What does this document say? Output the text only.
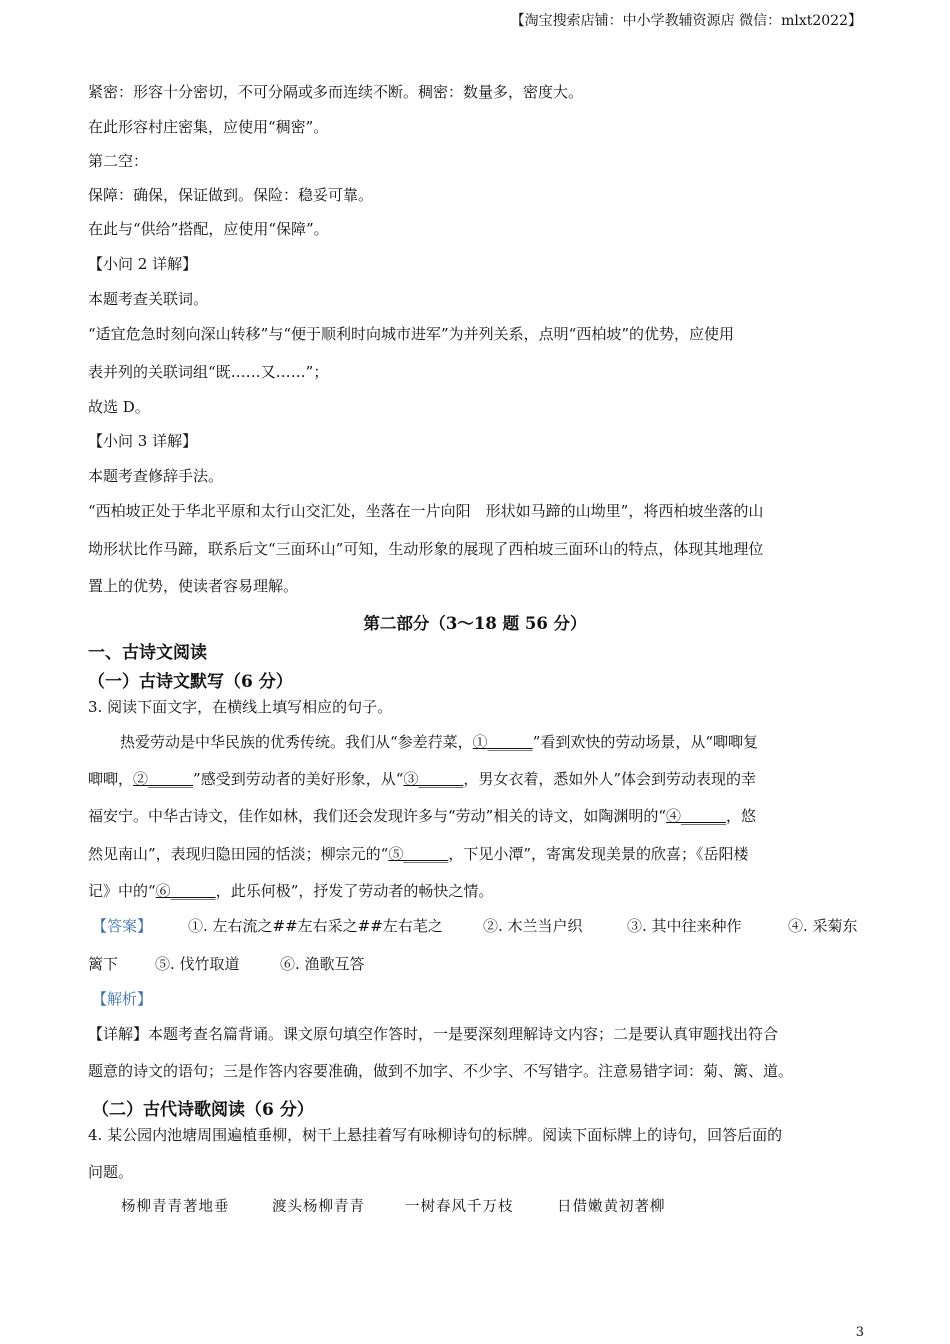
【淘宝搜索店铺：中小学教辅资源店 微信：mlxt2022】
紧密：形容十分密切，不可分隔或多而连续不断。稠密：数量多，密度大。
在此形容村庄密集，应使用“稠密”。
第二空：
保障：确保，保证做到。保险：稳妥可靠。
在此与“供给”搭配，应使用“保障”。
【小问 2 详解】
本题考查关联词。
“适宜危急时刻向深山转移”与“便于顺利时向城市进军”为并列关系，点明“西柏坡”的优势，应使用
表并列的关联词组“既……又……”；
故选 D。
【小问 3 详解】
本题考查修辞手法。
“西柏坡正处于华北平原和太行山交汇处，坐落在一片向阳　形状如马蹄的山坳里”，将西柏坡坐落的山
坳形状比作马蹄，联系后文“三面环山”可知，生动形象的展现了西柏坡三面环山的特点，体现其地理位
置上的优势，使读者容易理解。
第二部分（3～18 题 56 分）
一、古诗文阅读
（一）古诗文默写（6 分）
3. 阅读下面文字，在横线上填写相应的句子。
热爱劳动是中华民族的优秀传统。我们从“参差荇菜，①______”看到欢快的劳动场景，从“唧唧复
唧唧，②______”感受到劳动者的美好形象，从“③______，男女衣着，悉如外人”体会到劳动表现的幸
福安宁。中华古诗文，佳作如林，我们还会发现许多与“劳动”相关的诗文，如陶渊明的“④______，悠
然见南山”，表现归隐田园的恬淡；柳宗元的“⑤______，下见小潭”，寄寓发现美景的欣喜；《岳阳楼
记》中的“⑥______，此乐何极”，抒发了劳动者的畅快之情。
【答案】 ①. 左右流之##左右采之##左右芼之	②. 木兰当户织	③. 其中往来种作	④. 采菊东
篱下 ⑤. 伐竹取道	⑥. 渔歌互答
【解析】
【详解】本题考查名篇背诵。课文原句填空作答时，一是要深刻理解诗文内容；二是要认真审题找出符合
题意的诗文的语句；三是作答内容要准确，做到不加字、不少字、不写错字。注意易错字词：菊、篱、道。
（二）古代诗歌阅读（6 分）
4. 某公园内池塘周围遍植垂柳，树干上悬挂着写有咏柳诗句的标牌。阅读下面标牌上的诗句，回答后面的
问题。
杨柳青青著地垂	渡头杨柳青青	一树春风千万枝	日借嫩黄初著柳
3
